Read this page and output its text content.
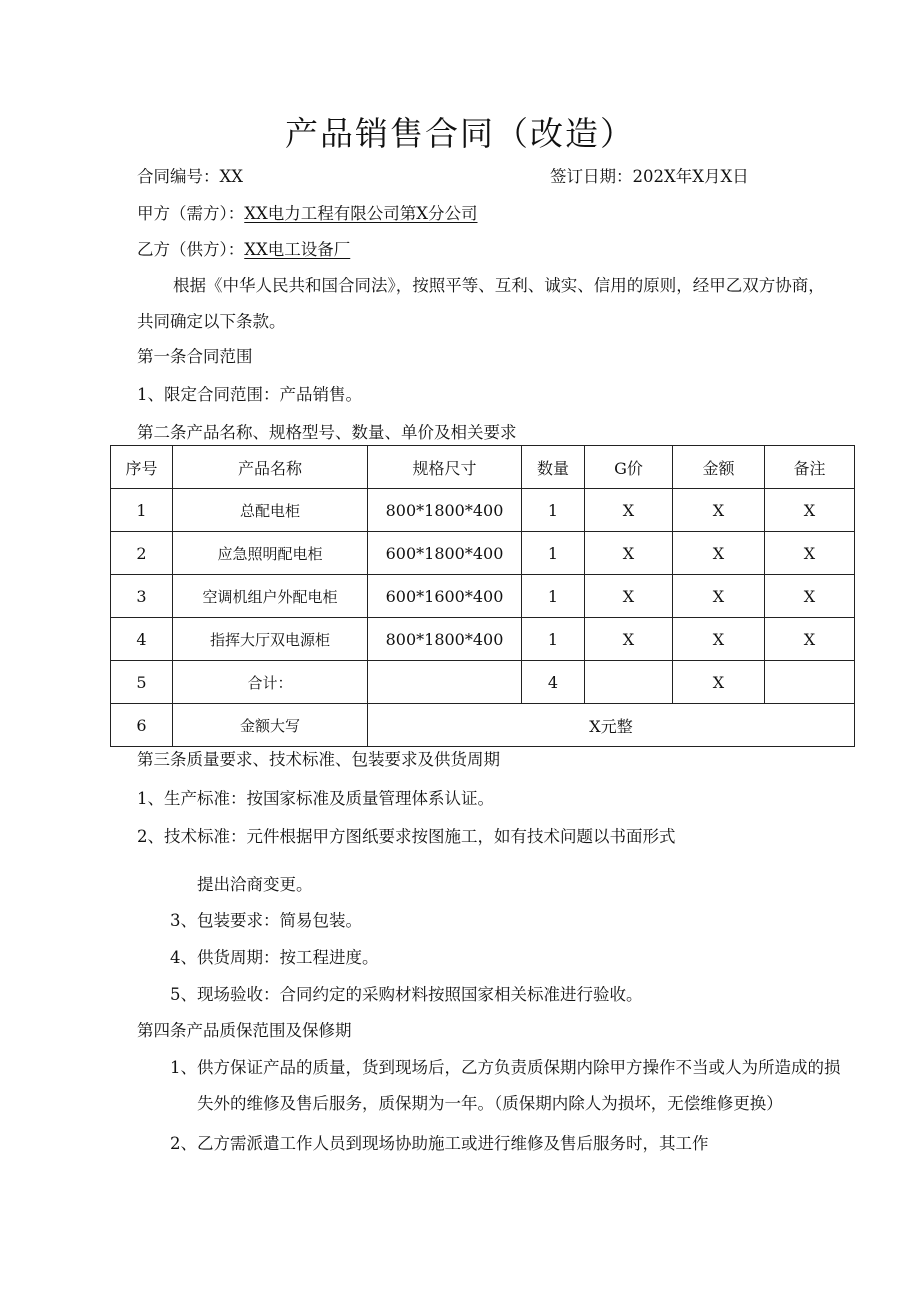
产品销售合同（改造）
合同编号：XX	签订日期：202X年X月X日
甲方（需方）：XX电力工程有限公司第X分公司
乙方（供方）：XX电工设备厂
根据《中华人民共和国合同法》，按照平等、互利、诚实、信用的原则，经甲乙双方协商，
共同确定以下条款。
第一条合同范围
1、限定合同范围：产品销售。
第二条产品名称、规格型号、数量、单价及相关要求
序号	产品名称	规格尺寸	数量	G价	金额	备注
1	总配电柜	800*1800*400	1	X	X	X
2	应急照明配电柜	600*1800*400	1	X	X	X
3	空调机组户外配电柜	600*1600*400	1	X	X	X
4	指挥大厅双电源柜	800*1800*400	1	X	X	X
5	合计：		4		X	
6	金额大写	X元整				
第三条质量要求、技术标准、包装要求及供货周期
1、生产标准：按国家标准及质量管理体系认证。
2、技术标准：元件根据甲方图纸要求按图施工，如有技术问题以书面形式
提出洽商变更。
3、包装要求：简易包装。
4、供货周期：按工程进度。
5、现场验收：合同约定的采购材料按照国家相关标准进行验收。
第四条产品质保范围及保修期
1、供方保证产品的质量，货到现场后，乙方负责质保期内除甲方操作不当或人为所造成的损
失外的维修及售后服务，质保期为一年。（质保期内除人为损坏，无偿维修更换）
2、乙方需派遣工作人员到现场协助施工或进行维修及售后服务时，其工作
